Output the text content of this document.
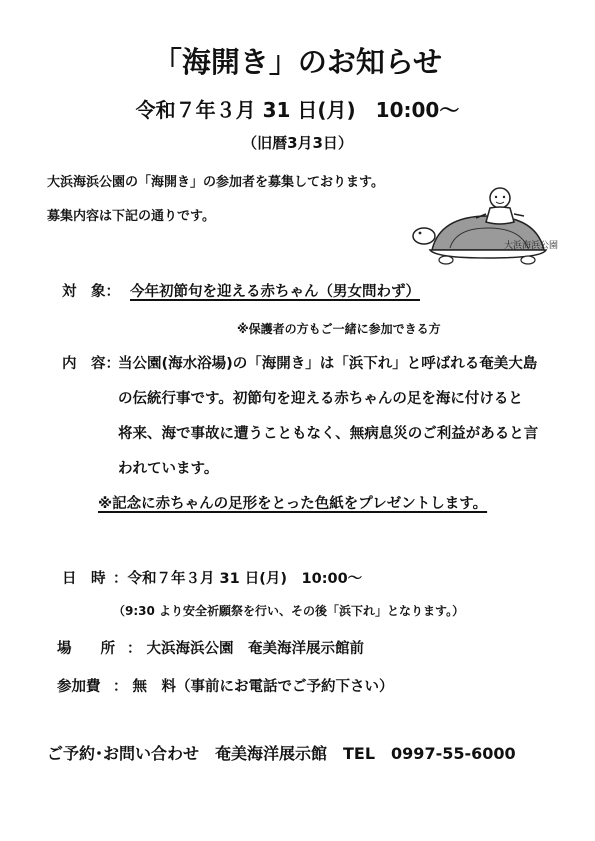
「海開き」のお知らせ
令和７年３月 31 日(月)　10:00～
（旧暦3月3日）
大浜海浜公園の「海開き」の参加者を募集しております。
募集内容は下記の通りです。
大浜海浜公園
対　象： 今年初節句を迎える赤ちゃん（男女問わず）
※保護者の方もご一緒に参加できる方
内　容：
当公園(海水浴場)の「海開き」は「浜下れ」と呼ばれる奄美大島
の伝統行事です。初節句を迎える赤ちゃんの足を海に付けると
将来、海で事故に遭うこともなく、無病息災のご利益があると言
われています。
※記念に赤ちゃんの足形をとった色紙をプレゼントします。
日　時 ：令和７年３月 31 日(月)　10:00～
（9:30 より安全祈願祭を行い、その後「浜下れ」となります。）
場　　所 ： 大浜海浜公園　奄美海洋展示館前
参加費 ： 無　料（事前にお電話でご予約下さい）
ご予約･お問い合わせ　奄美海洋展示館　TEL　0997-55-6000
